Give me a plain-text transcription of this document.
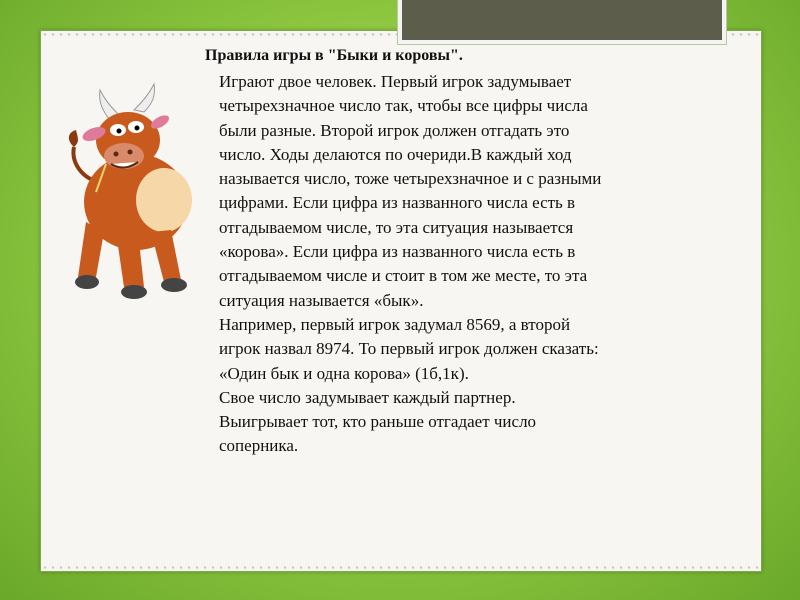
Правила игры в "Быки и коровы".

Играют двое человек. Первый игрок задумывает четырехзначное число так, чтобы все цифры числа были разные. Второй игрок должен отгадать это число. Ходы делаются по очериди.В каждый ход называется число, тоже четырехзначное и с разными цифрами. Если цифра из названного числа есть в отгадываемом числе, то эта ситуация называется «корова». Если цифра из названного числа есть в отгадываемом числе и стоит в том же месте, то эта ситуация называется «бык».

Например, первый игрок задумал 8569, а второй игрок назвал 8974. То первый игрок должен сказать: «Один бык и одна корова» (1б,1к).

Свое число задумывает каждый партнер. Выигрывает тот, кто раньше отгадает число соперника.
